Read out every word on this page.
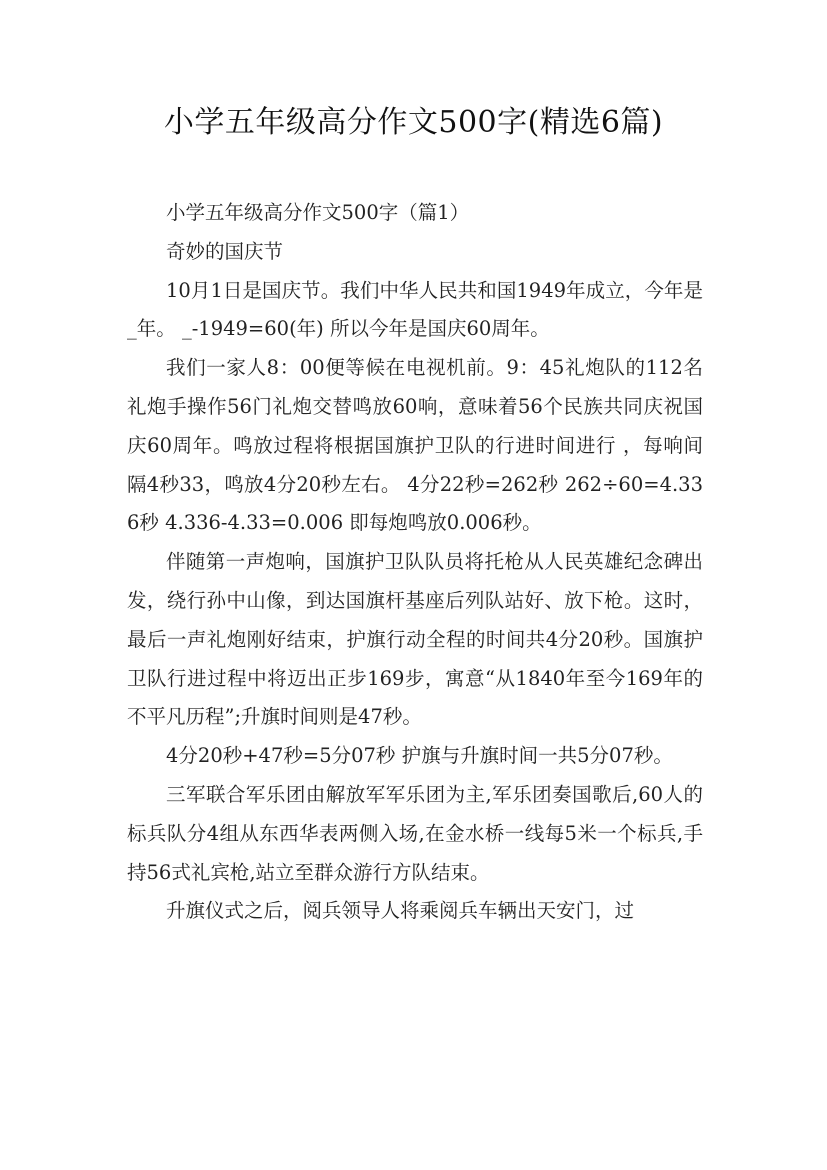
小学五年级高分作文500字(精选6篇)

小学五年级高分作文500字（篇1）

奇妙的国庆节

10月1日是国庆节。我们中华人民共和国1949年成立，今年是_年。 _-1949=60(年) 所以今年是国庆60周年。

我们一家人8：00便等候在电视机前。9：45礼炮队的112名礼炮手操作56门礼炮交替鸣放60响，意味着56个民族共同庆祝国庆60周年。鸣放过程将根据国旗护卫队的行进时间进行 ，每响间隔4秒33，鸣放4分20秒左右。 4分22秒=262秒 262÷60=4.336秒 4.336-4.33=0.006 即每炮鸣放0.006秒。

伴随第一声炮响，国旗护卫队队员将托枪从人民英雄纪念碑出发，绕行孙中山像，到达国旗杆基座后列队站好、放下枪。这时，最后一声礼炮刚好结束，护旗行动全程的时间共4分20秒。国旗护卫队行进过程中将迈出正步169步，寓意“从1840年至今169年的不平凡历程”;升旗时间则是47秒。

4分20秒+47秒=5分07秒 护旗与升旗时间一共5分07秒。

三军联合军乐团由解放军军乐团为主,军乐团奏国歌后,60人的标兵队分4组从东西华表两侧入场,在金水桥一线每5米一个标兵,手持56式礼宾枪,站立至群众游行方队结束。

升旗仪式之后，阅兵领导人将乘阅兵车辆出天安门，过
